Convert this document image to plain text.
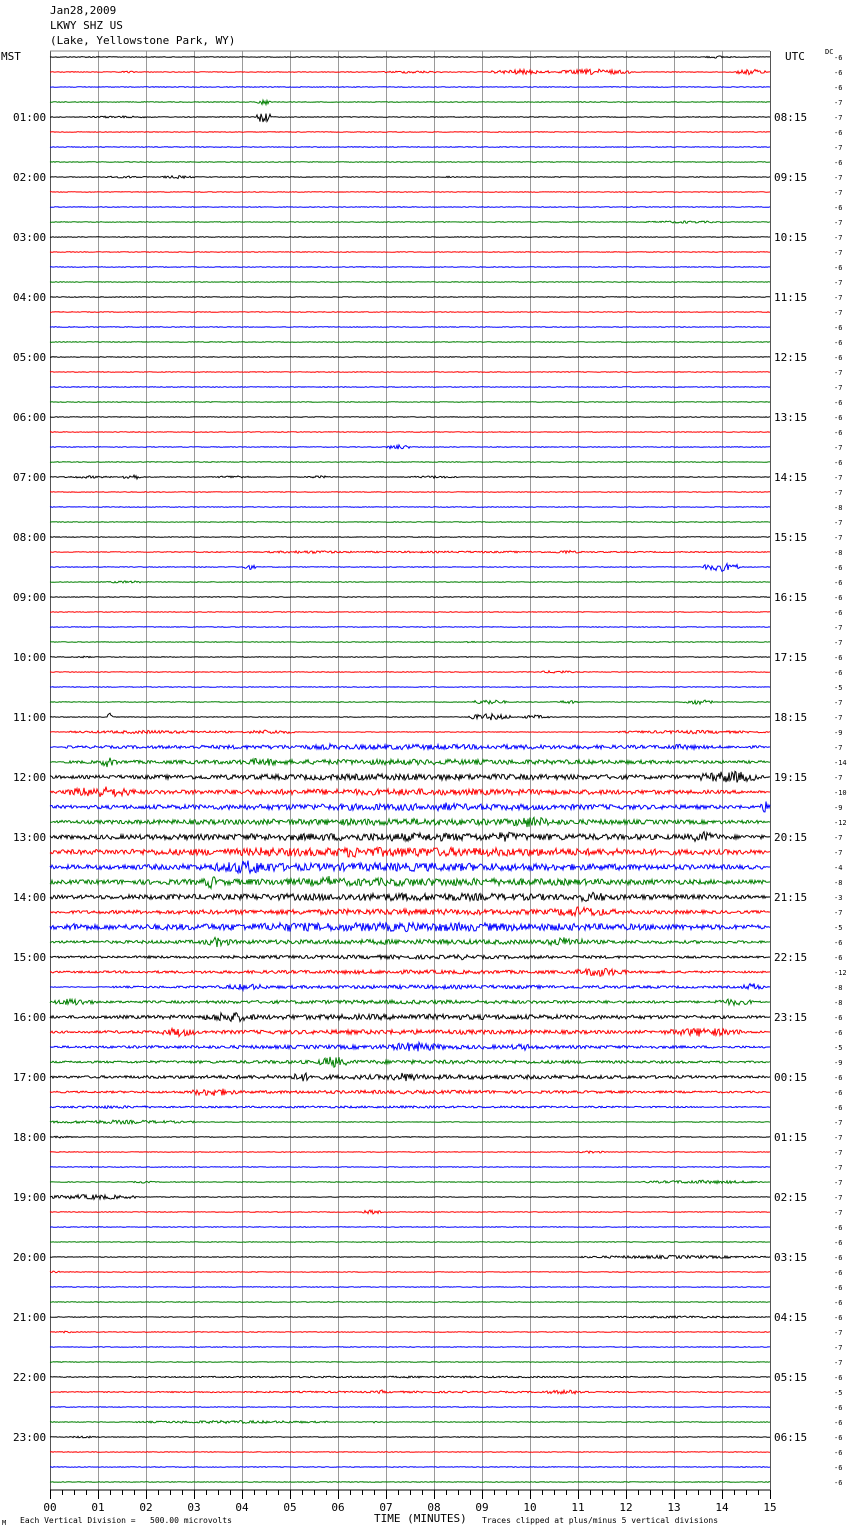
Jan28,2009
LKWY SHZ US
(Lake, Yellowstone Park, WY)
MST	UTC	DC
01:00
02:00
03:00
04:00
05:00
06:00
07:00
08:00
09:00
10:00
11:00
12:00
13:00
14:00
15:00
16:00
17:00
18:00
19:00
20:00
21:00
22:00
23:00
08:15
09:15
10:15
11:15
12:15
13:15
14:15
15:15
16:15
17:15
18:15
19:15
20:15
21:15
22:15
23:15
00:15
01:15
02:15
03:15
04:15
05:15
06:15
-6
-6
-6
-7
-7
-6
-7
-6
-7
-7
-6
-7
-7
-7
-6
-7
-7
-7
-6
-6
-6
-7
-7
-6
-6
-6
-7
-6
-7
-7
-8
-7
-7
-8
-6
-6
-6
-6
-7
-7
-6
-6
-5
-7
-7
-9
-7
-14
-7
-10
-9
-12
-7
-7
-4
-8
-3
-7
-5
-6
-6
-12
-8
-8
-6
-6
-5
-9
-6
-6
-6
-7
-7
-7
-7
-7
-7
-7
-6
-6
-6
-6
-6
-6
-6
-7
-7
-7
-6
-5
-6
-6
-6
-6
-6
-6
00	01	02	03	04	05	06	07	08	09	10	11	12	13	14	15
M Each Vertical Division =   500.00 microvolts	TIME (MINUTES) Traces clipped at plus/minus 5 vertical divisions
